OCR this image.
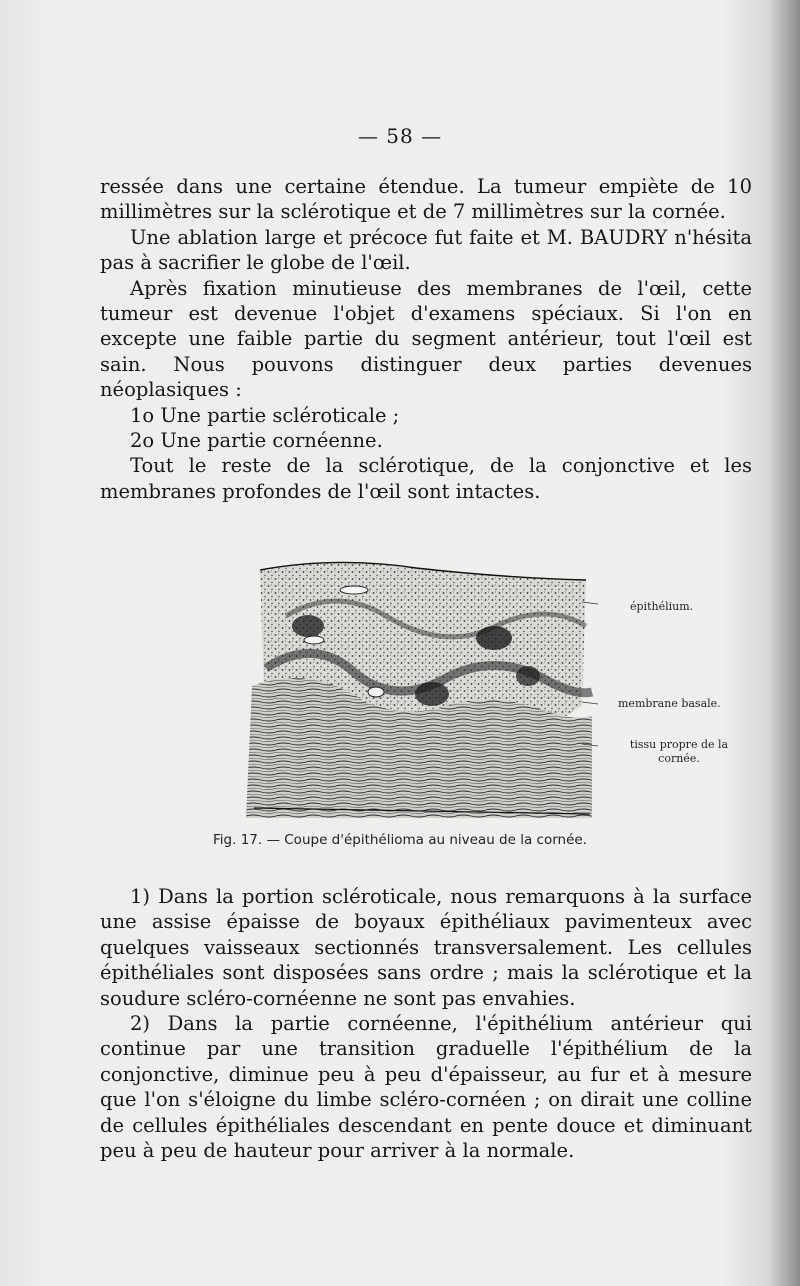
— 58 —

ressée dans une certaine étendue. La tumeur empiète de 10 millimètres sur la sclérotique et de 7 millimètres sur la cornée.

Une ablation large et précoce fut faite et M. BAUDRY n'hésita pas à sacrifier le globe de l'œil.

Après fixation minutieuse des membranes de l'œil, cette tumeur est devenue l'objet d'examens spéciaux. Si l'on en excepte une faible partie du segment antérieur, tout l'œil est sain. Nous pouvons distinguer deux parties devenues néoplasiques :

1o Une partie scléroticale ;

2o Une partie cornéenne.

Tout le reste de la sclérotique, de la conjonctive et les membranes profondes de l'œil sont intactes.

épithélium.
membrane basale.
tissu propre de la cornée.
Fig. 17. — Coupe d'épithélioma au niveau de la cornée.

1) Dans la portion scléroticale, nous remarquons à la surface une assise épaisse de boyaux épithéliaux pavimenteux avec quelques vaisseaux sectionnés transversalement. Les cellules épithéliales sont disposées sans ordre ; mais la sclérotique et la soudure scléro-cornéenne ne sont pas envahies.

2) Dans la partie cornéenne, l'épithélium antérieur qui continue par une transition graduelle l'épithélium de la conjonctive, diminue peu à peu d'épaisseur, au fur et à mesure que l'on s'éloigne du limbe scléro-cornéen ; on dirait une colline de cellules épithéliales descendant en pente douce et diminuant peu à peu de hauteur pour arriver à la normale.
